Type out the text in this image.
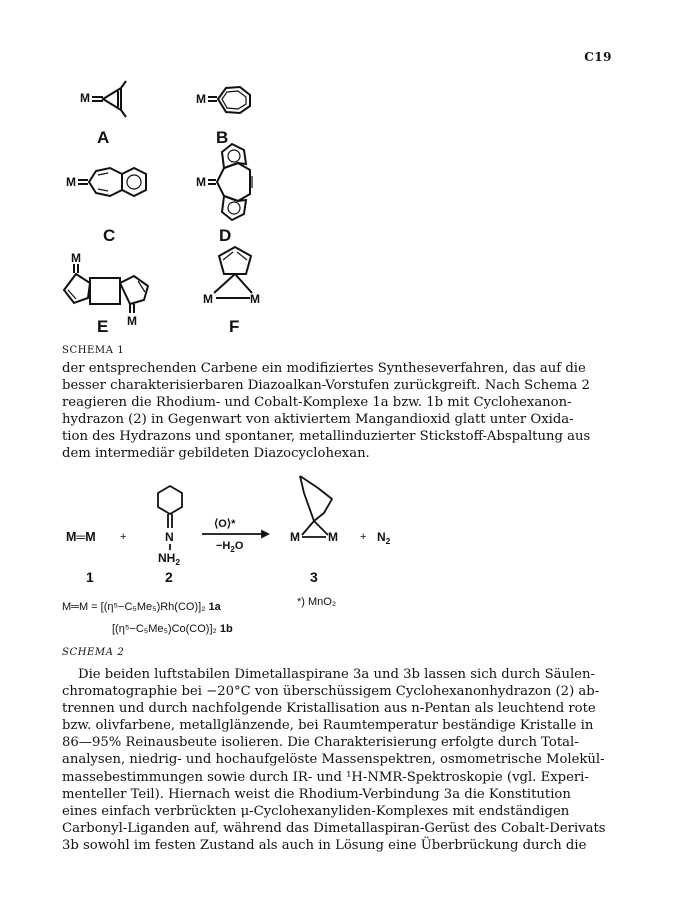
C19
M
A
M
B
M
C
M
D
M
M
E
M	M
F
SCHEMA 1

der entsprechenden Carbene ein modifiziertes Syntheseverfahren, das auf die

besser charakterisierbaren Diazoalkan-Vorstufen zurückgreift. Nach Schema 2

reagieren die Rhodium- und Cobalt-Komplexe 1a bzw. 1b mit Cyclohexanon-

hydrazon (2) in Gegenwart von aktiviertem Mangandioxid glatt unter Oxida-

tion des Hydrazons und spontaner, metallinduzierter Stickstoff-Abspaltung aus

dem intermediär gebildeten Diazocyclohexan.

M═M +	N
$NH_2$
⟨O⟩*
$-H_2O$
M $M + N_2$
1	2	3
M═M = [(η⁵−C₅Me₅)Rh(CO)]₂ 1a
[(η⁵−C₅Me₅)Co(CO)]₂ 1b
*) MnO₂
SCHEMA 2

Die beiden luftstabilen Dimetallaspirane 3a und 3b lassen sich durch Säulen-

chromatographie bei −20°C von überschüssigem Cyclohexanonhydrazon (2) ab-

trennen und durch nachfolgende Kristallisation aus n-Pentan als leuchtend rote

bzw. olivfarbene, metallglänzende, bei Raumtemperatur beständige Kristalle in

86—95% Reinausbeute isolieren. Die Charakterisierung erfolgte durch Total-

analysen, niedrig- und hochaufgelöste Massenspektren, osmometrische Molekül-

massebestimmungen sowie durch IR- und ¹H-NMR-Spektroskopie (vgl. Experi-

menteller Teil). Hiernach weist die Rhodium-Verbindung 3a die Konstitution

eines einfach verbrückten μ-Cyclohexanyliden-Komplexes mit endständigen

Carbonyl-Liganden auf, während das Dimetallaspiran-Gerüst des Cobalt-Derivats

3b sowohl im festen Zustand als auch in Lösung eine Überbrückung durch die
